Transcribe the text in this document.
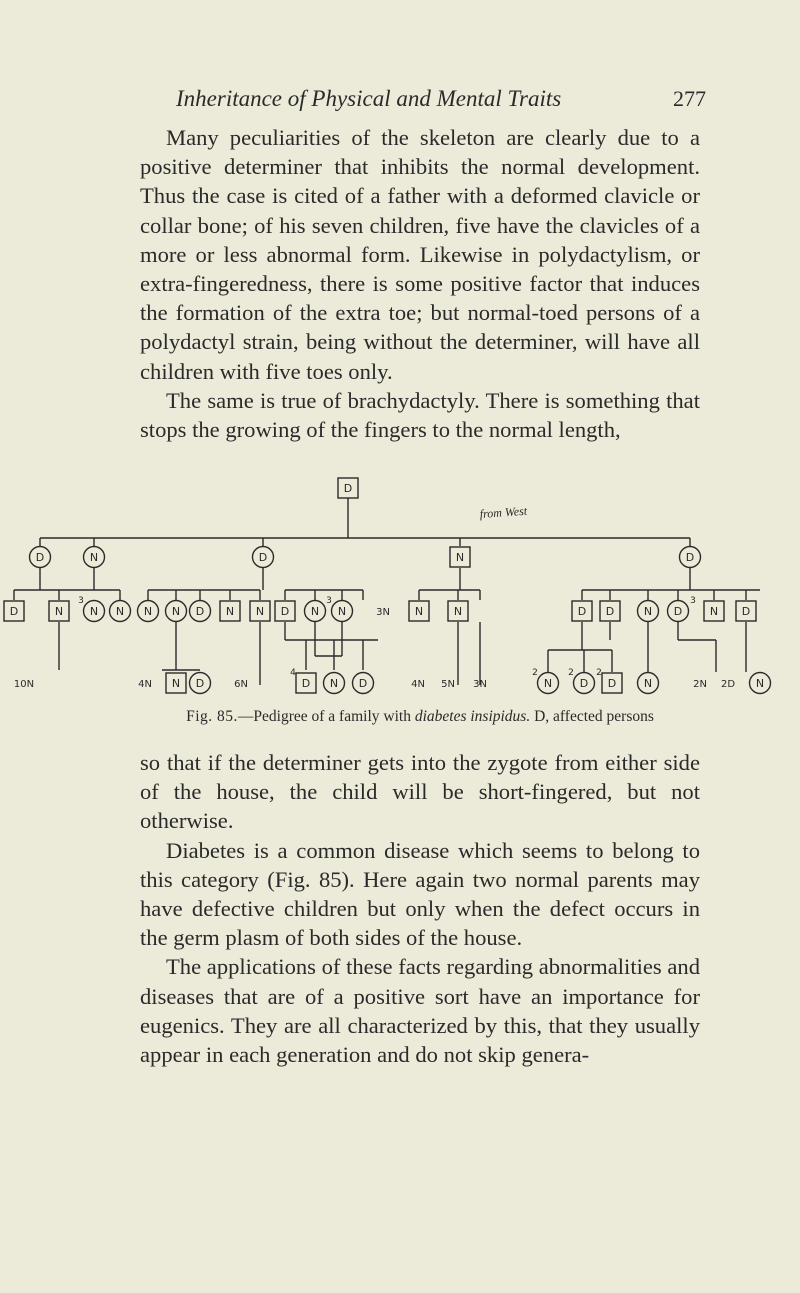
Inheritance of Physical and Mental Traits	277

Many peculiarities of the skeleton are clearly due to a positive determiner that inhibits the normal development. Thus the case is cited of a father with a deformed clavicle or collar bone; of his seven children, five have the clavicles of a more or less abnormal form. Likewise in polydactylism, or extra-fingeredness, there is some positive factor that induces the formation of the extra toe; but normal-toed persons of a polydactyl strain, being without the determiner, will have all children with five toes only.

The same is true of brachydactyly. There is something that stops the growing of the fingers to the normal length,

D
D	N	D	N	D
D	N N
3
N N N D N N D N N
3
3N N	N	D D	N D
3
N D
10N	4N N D	6N	D
4
N D	4N 5N 3N	N
2
D
2
D
2
N	2N 2D N
from West
Fig. 85.—Pedigree of a family with diabetes insipidus. D, affected persons

so that if the determiner gets into the zygote from either side of the house, the child will be short-fingered, but not otherwise.

Diabetes is a common disease which seems to belong to this category (Fig. 85). Here again two normal parents may have defective children but only when the defect occurs in the germ plasm of both sides of the house.

The applications of these facts regarding abnormalities and diseases that are of a positive sort have an importance for eugenics. They are all characterized by this, that they usually appear in each generation and do not skip genera-
